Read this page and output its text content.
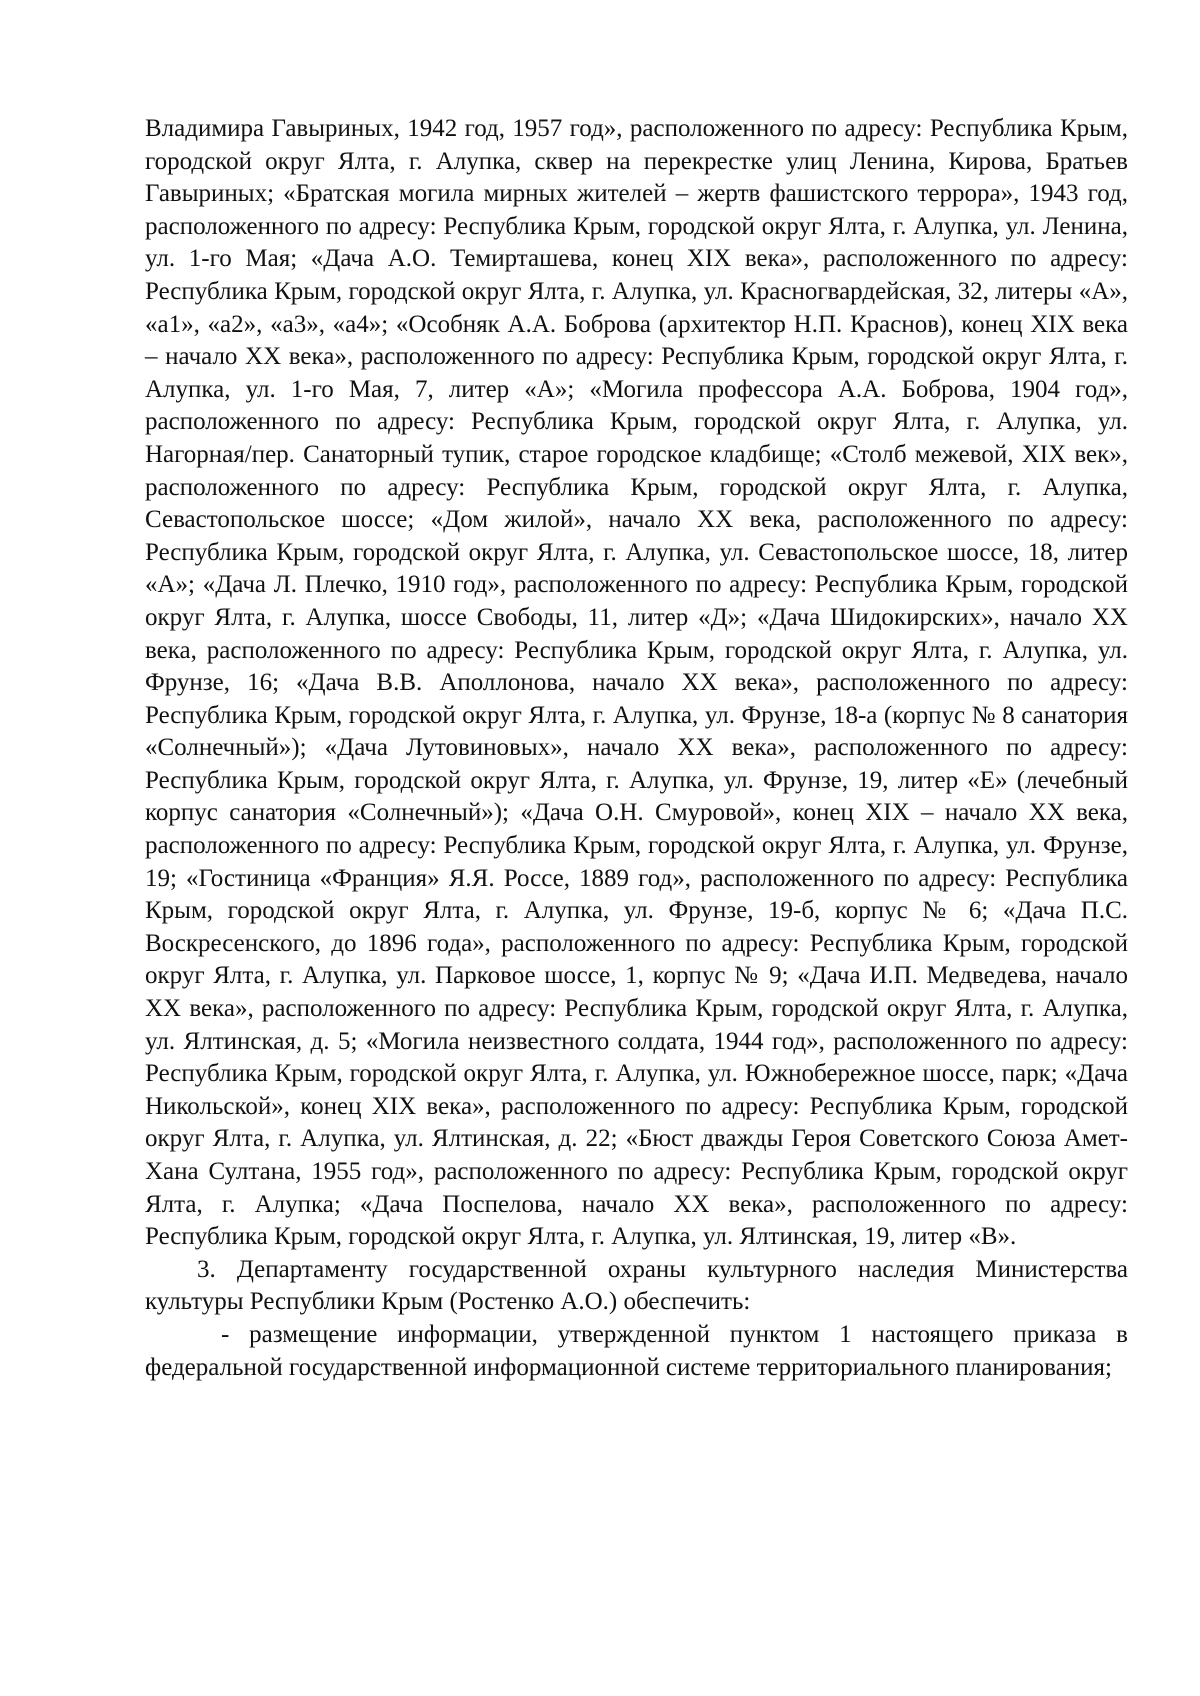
Владимира Гавыриных, 1942 год, 1957 год», расположенного по адресу: Республика Крым, городской округ Ялта, г. Алупка, сквер на перекрестке улиц Ленина, Кирова, Братьев Гавыриных; «Братская могила мирных жителей – жертв фашистского террора», 1943 год, расположенного по адресу: Республика Крым, городской округ Ялта, г. Алупка, ул. Ленина, ул. 1-го Мая; «Дача А.О. Темирташева, конец XIX века», расположенного по адресу: Республика Крым, городской округ Ялта, г. Алупка, ул. Красногвардейская, 32, литеры «А», «а1», «а2», «а3», «а4»; «Особняк А.А. Боброва (архитектор Н.П. Краснов), конец XIX века – начало XX века», расположенного по адресу: Республика Крым, городской округ Ялта, г. Алупка, ул. 1-го Мая, 7, литер «А»; «Могила профессора А.А. Боброва, 1904 год», расположенного по адресу: Республика Крым, городской округ Ялта, г. Алупка, ул. Нагорная/пер. Санаторный тупик, старое городское кладбище; «Столб межевой, XIX век», расположенного по адресу: Республика Крым, городской округ Ялта, г. Алупка, Севастопольское шоссе; «Дом жилой», начало XX века, расположенного по адресу: Республика Крым, городской округ Ялта, г. Алупка, ул. Севастопольское шоссе, 18, литер «А»; «Дача Л. Плечко, 1910 год», расположенного по адресу: Республика Крым, городской округ Ялта, г. Алупка, шоссе Свободы, 11, литер «Д»; «Дача Шидокирских», начало XX века, расположенного по адресу: Республика Крым, городской округ Ялта, г. Алупка, ул. Фрунзе, 16; «Дача В.В. Аполлонова, начало XX века», расположенного по адресу: Республика Крым, городской округ Ялта, г. Алупка, ул. Фрунзе, 18-а (корпус № 8 санатория «Солнечный»); «Дача Лутовиновых», начало XX века», расположенного по адресу: Республика Крым, городской округ Ялта, г. Алупка, ул. Фрунзе, 19, литер «Е» (лечебный корпус санатория «Солнечный»); «Дача О.Н. Смуровой», конец XIX – начало XX века, расположенного по адресу: Республика Крым, городской округ Ялта, г. Алупка, ул. Фрунзе, 19; «Гостиница «Франция» Я.Я. Россе, 1889 год», расположенного по адресу: Республика Крым, городской округ Ялта, г. Алупка, ул. Фрунзе, 19-б, корпус № 6; «Дача П.С. Воскресенского, до 1896 года», расположенного по адресу: Республика Крым, городской округ Ялта, г. Алупка, ул. Парковое шоссе, 1, корпус № 9; «Дача И.П. Медведева, начало XX века», расположенного по адресу: Республика Крым, городской округ Ялта, г. Алупка, ул. Ялтинская, д. 5; «Могила неизвестного солдата, 1944 год», расположенного по адресу: Республика Крым, городской округ Ялта, г. Алупка, ул. Южнобережное шоссе, парк; «Дача Никольской», конец XIX века», расположенного по адресу: Республика Крым, городской округ Ялта, г. Алупка, ул. Ялтинская, д. 22; «Бюст дважды Героя Советского Союза Амет-Хана Султана, 1955 год», расположенного по адресу: Республика Крым, городской округ Ялта, г. Алупка; «Дача Поспелова, начало XX века», расположенного по адресу: Республика Крым, городской округ Ялта, г. Алупка, ул. Ялтинская, 19, литер «В».

3. Департаменту государственной охраны культурного наследия Министерства культуры Республики Крым (Ростенко А.О.) обеспечить:

- размещение информации, утвержденной пунктом 1 настоящего приказа в федеральной государственной информационной системе территориального планирования;
